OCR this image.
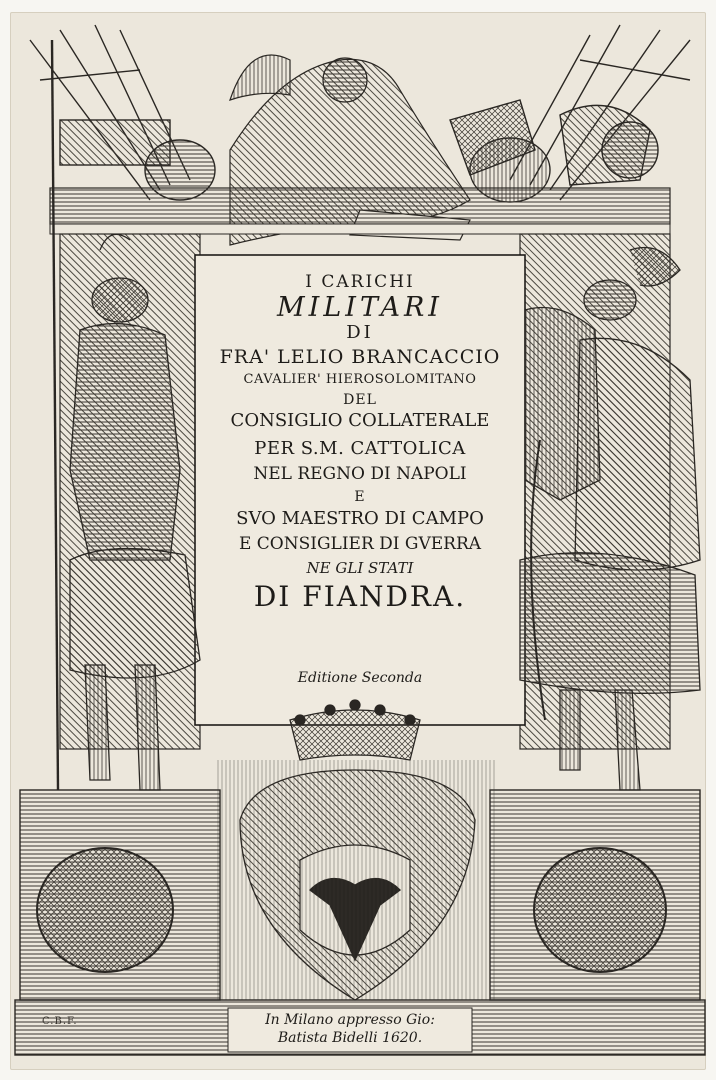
I CARICHI
MILITARI
DI
FRA' LELIO BRANCACCIO
CAVALIER' HIEROSOLOMITANO
DEL
CONSIGLIO COLLATERALE
PER S.M. CATTOLICA
NEL REGNO DI NAPOLI
E
SVO MAESTRO DI CAMPO
E CONSIGLIER DI GVERRA
NE GLI STATI
DI FIANDRA.
Editione Seconda
In Milano appresso Gio:
Batista Bidelli 1620.
C.B.F.
